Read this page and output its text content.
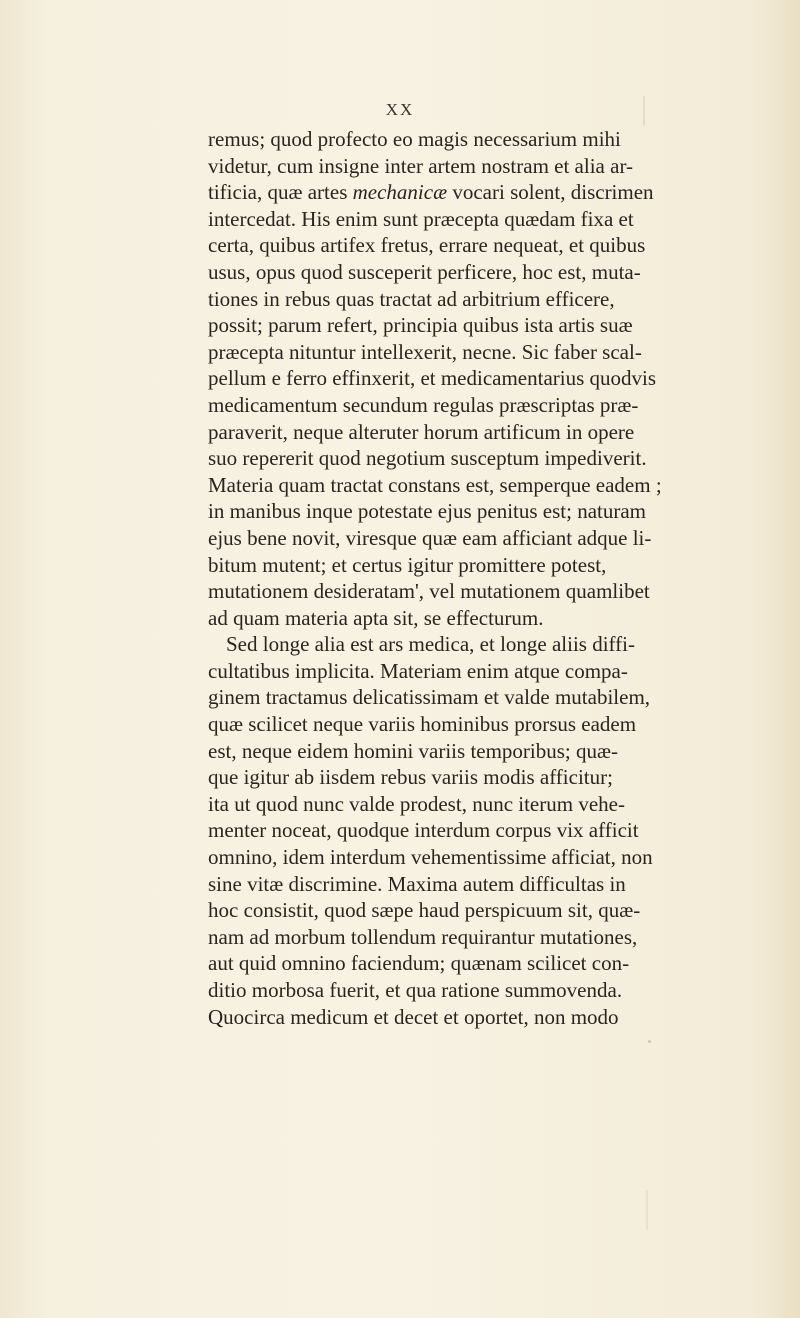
XX
remus; quod profecto eo magis necessarium mihi
videtur, cum insigne inter artem nostram et alia ar-
tificia, quæ artes mechanicæ vocari solent, discrimen
intercedat. His enim sunt præcepta quædam fixa et
certa, quibus artifex fretus, errare nequeat, et quibus
usus, opus quod susceperit perficere, hoc est, muta-
tiones in rebus quas tractat ad arbitrium efficere,
possit; parum refert, principia quibus ista artis suæ
præcepta nituntur intellexerit, necne. Sic faber scal-
pellum e ferro effinxerit, et medicamentarius quodvis
medicamentum secundum regulas præscriptas præ-
paraverit, neque alteruter horum artificum in opere
suo repererit quod negotium susceptum impediverit.
Materia quam tractat constans est, semperque eadem ;
in manibus inque potestate ejus penitus est; naturam
ejus bene novit, viresque quæ eam afficiant adque li-
bitum mutent; et certus igitur promittere potest,
mutationem desideratam', vel mutationem quamlibet
ad quam materia apta sit, se effecturum.
Sed longe alia est ars medica, et longe aliis diffi-
cultatibus implicita. Materiam enim atque compa-
ginem tractamus delicatissimam et valde mutabilem,
quæ scilicet neque variis hominibus prorsus eadem
est, neque eidem homini variis temporibus; quæ-
que igitur ab iisdem rebus variis modis afficitur;
ita ut quod nunc valde prodest, nunc iterum vehe-
menter noceat, quodque interdum corpus vix afficit
omnino, idem interdum vehementissime afficiat, non
sine vitæ discrimine. Maxima autem difficultas in
hoc consistit, quod sæpe haud perspicuum sit, quæ-
nam ad morbum tollendum requirantur mutationes,
aut quid omnino faciendum; quænam scilicet con-
ditio morbosa fuerit, et qua ratione summovenda.
Quocirca medicum et decet et oportet, non modo
